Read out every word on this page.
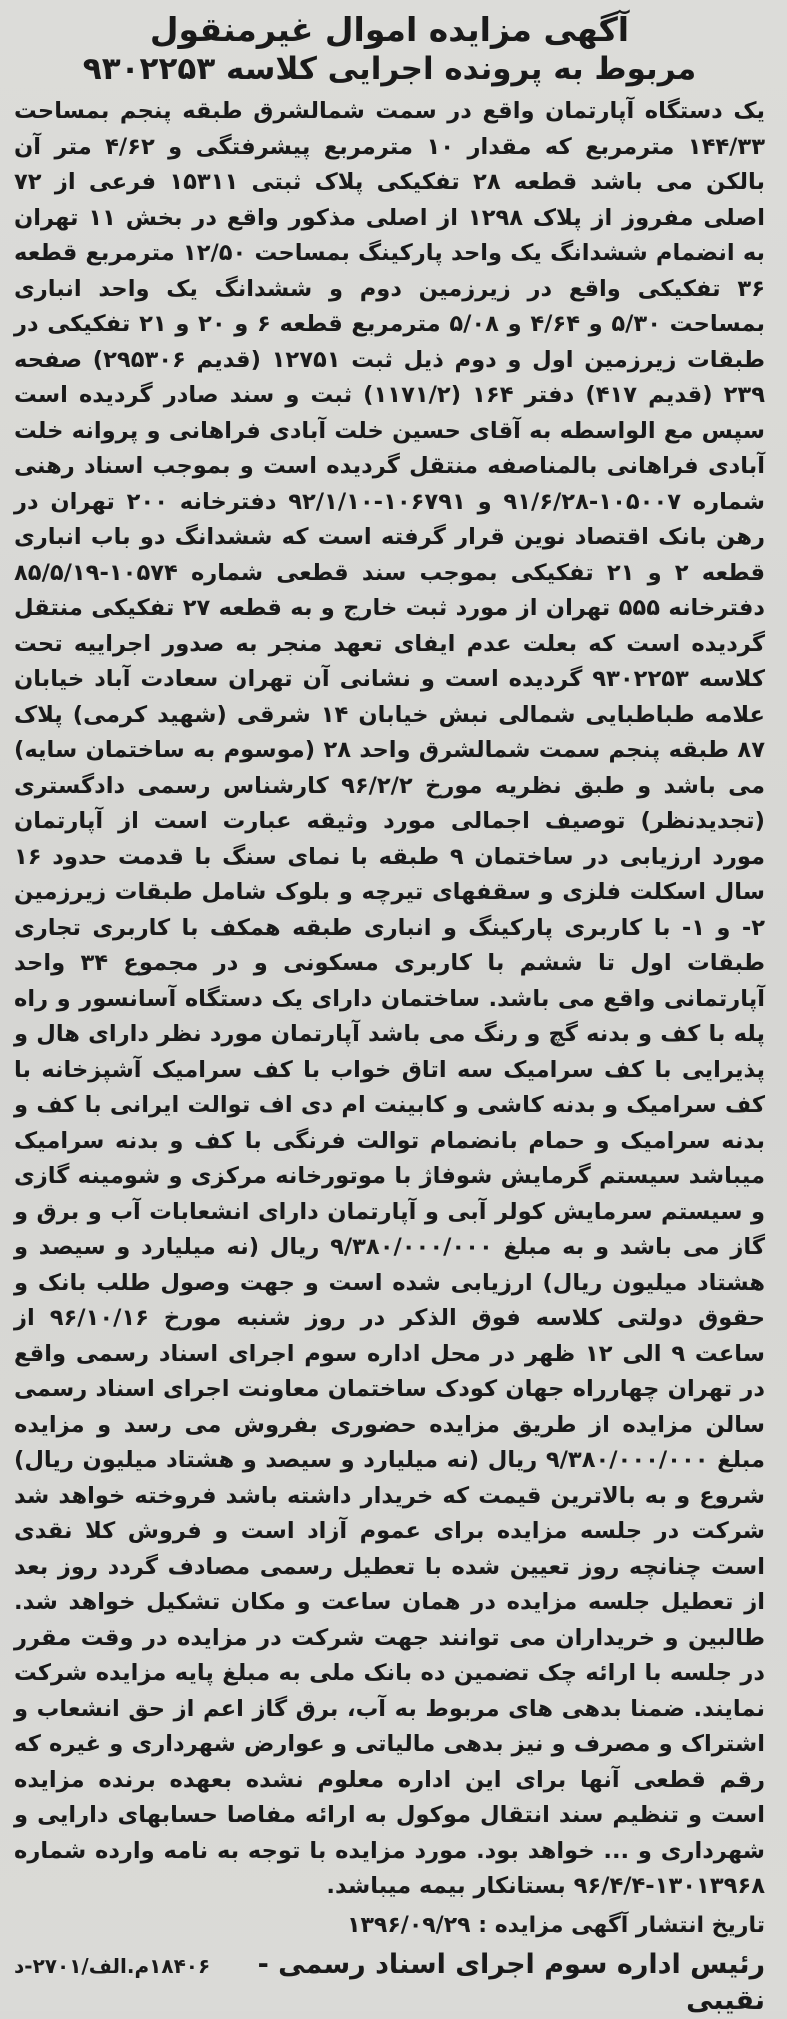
آگهی مزایده اموال غیرمنقول
مربوط به پرونده اجرایی کلاسه ۹۳۰۲۲۵۳

یک دستگاه آپارتمان واقع در سمت شمالشرق طبقه پنجم بمساحت ۱۴۴/۳۳ مترمربع که مقدار ۱۰ مترمربع پیشرفتگی و ۴/۶۲ متر آن بالکن می باشد قطعه ۲۸ تفکیکی پلاک ثبتی ۱۵۳۱۱ فرعی از ۷۲ اصلی مفروز از پلاک ۱۲۹۸ از اصلی مذکور واقع در بخش ۱۱ تهران به انضمام ششدانگ یک واحد پارکینگ بمساحت ۱۲/۵۰ مترمربع قطعه ۳۶ تفکیکی واقع در زیرزمین دوم و ششدانگ یک واحد انباری بمساحت ۵/۳۰ و ۴/۶۴ و ۵/۰۸ مترمربع قطعه ۶ و ۲۰ و ۲۱ تفکیکی در طبقات زیرزمین اول و دوم ذیل ثبت ۱۲۷۵۱ (قدیم ۲۹۵۳۰۶) صفحه ۲۳۹ (قدیم ۴۱۷) دفتر ۱۶۴ (۱۱۷۱/۲) ثبت و سند صادر گردیده است سپس مع الواسطه به آقای حسین خلت آبادی فراهانی و پروانه خلت آبادی فراهانی بالمناصفه منتقل گردیده است و بموجب اسناد رهنی شماره ۱۰۵۰۰۷-۹۱/۶/۲۸ و ۱۰۶۷۹۱-۹۲/۱/۱۰ دفترخانه ۲۰۰ تهران در رهن بانک اقتصاد نوین قرار گرفته است که ششدانگ دو باب انباری قطعه ۲ و ۲۱ تفکیکی بموجب سند قطعی شماره ۱۰۵۷۴-۸۵/۵/۱۹ دفترخانه ۵۵۵ تهران از مورد ثبت خارج و به قطعه ۲۷ تفکیکی منتقل گردیده است که بعلت عدم ایفای تعهد منجر به صدور اجراییه تحت کلاسه ۹۳۰۲۲۵۳ گردیده است و نشانی آن تهران سعادت آباد خیابان علامه طباطبایی شمالی نبش خیابان ۱۴ شرقی (شهید کرمی) پلاک ۸۷ طبقه پنجم سمت شمالشرق واحد ۲۸ (موسوم به ساختمان سایه) می باشد و طبق نظریه مورخ ۹۶/۲/۲ کارشناس رسمی دادگستری (تجدیدنظر) توصیف اجمالی مورد وثیقه عبارت است از آپارتمان مورد ارزیابی در ساختمان ۹ طبقه با نمای سنگ با قدمت حدود ۱۶ سال اسکلت فلزی و سقفهای تیرچه و بلوک شامل طبقات زیرزمین ۲- و ۱- با کاربری پارکینگ و انباری طبقه همکف با کاربری تجاری طبقات اول تا ششم با کاربری مسکونی و در مجموع ۳۴ واحد آپارتمانی واقع می باشد. ساختمان دارای یک دستگاه آسانسور و راه پله با کف و بدنه گچ و رنگ می باشد آپارتمان مورد نظر دارای هال و پذیرایی با کف سرامیک سه اتاق خواب با کف سرامیک آشپزخانه با کف سرامیک و بدنه کاشی و کابینت ام دی اف توالت ایرانی با کف و بدنه سرامیک و حمام بانضمام توالت فرنگی با کف و بدنه سرامیک میباشد سیستم گرمایش شوفاژ با موتورخانه مرکزی و شومینه گازی و سیستم سرمایش کولر آبی و آپارتمان دارای انشعابات آب و برق و گاز می باشد و به مبلغ ۹/۳۸۰/۰۰۰/۰۰۰ ریال (نه میلیارد و سیصد و هشتاد میلیون ریال) ارزیابی شده است و جهت وصول طلب بانک و حقوق دولتی کلاسه فوق الذکر در روز شنبه مورخ ۹۶/۱۰/۱۶ از ساعت ۹ الی ۱۲ ظهر در محل اداره سوم اجرای اسناد رسمی واقع در تهران چهارراه جهان کودک ساختمان معاونت اجرای اسناد رسمی سالن مزایده از طریق مزایده حضوری بفروش می رسد و مزایده مبلغ ۹/۳۸۰/۰۰۰/۰۰۰ ریال (نه میلیارد و سیصد و هشتاد میلیون ریال) شروع و به بالاترین قیمت که خریدار داشته باشد فروخته خواهد شد شرکت در جلسه مزایده برای عموم آزاد است و فروش کلا نقدی است چنانچه روز تعیین شده با تعطیل رسمی مصادف گردد روز بعد از تعطیل جلسه مزایده در همان ساعت و مکان تشکیل خواهد شد. طالبین و خریداران می توانند جهت شرکت در مزایده در وقت مقرر در جلسه با ارائه چک تضمین ده بانک ملی به مبلغ پایه مزایده شرکت نمایند. ضمنا بدهی های مربوط به آب، برق گاز اعم از حق انشعاب و اشتراک و مصرف و نیز بدهی مالیاتی و عوارض شهرداری و غیره که رقم قطعی آنها برای این اداره معلوم نشده بعهده برنده مزایده است و تنظیم سند انتقال موکول به ارائه مفاصا حسابهای دارایی و شهرداری و ... خواهد بود. مورد مزایده با توجه به نامه وارده شماره ۱۳۰۱۳۹۶۸-۹۶/۴/۴ بستانکار بیمه میباشد.

تاریخ انتشار آگهی مزایده : ۱۳۹۶/۰۹/۲۹

رئیس اداره سوم اجرای اسناد رسمی -
۱۸۴۰۶م.الف/۲۷۰۱-د

نقیبی
